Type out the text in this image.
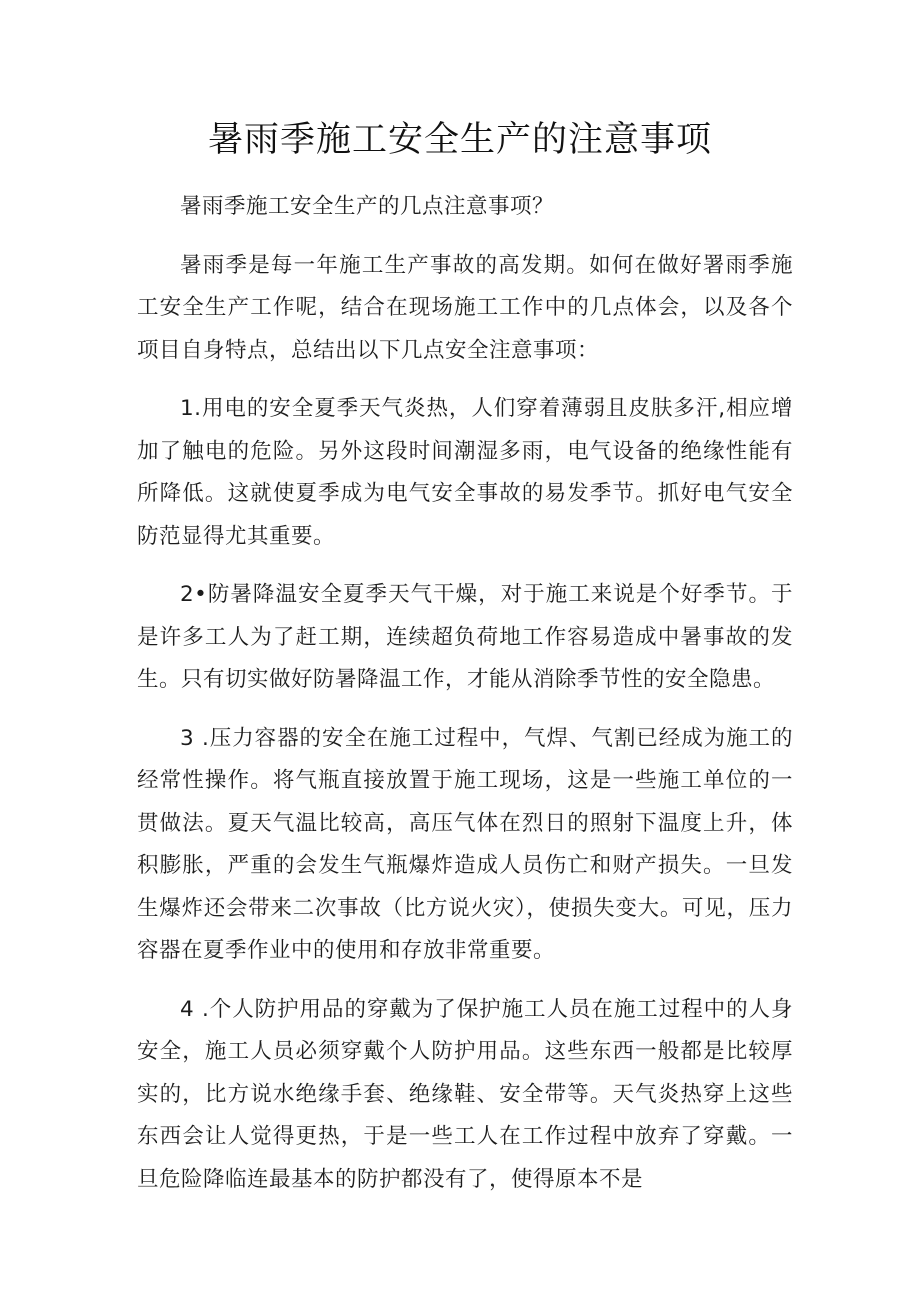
暑雨季施工安全生产的注意事项

暑雨季施工安全生产的几点注意事项？

暑雨季是每一年施工生产事故的高发期。如何在做好署雨季施工安全生产工作呢，结合在现场施工工作中的几点体会，以及各个项目自身特点，总结出以下几点安全注意事项：

1.用电的安全夏季天气炎热，人们穿着薄弱且皮肤多汗,相应增加了触电的危险。另外这段时间潮湿多雨，电气设备的绝缘性能有所降低。这就使夏季成为电气安全事故的易发季节。抓好电气安全防范显得尤其重要。

2•防暑降温安全夏季天气干燥，对于施工来说是个好季节。于是许多工人为了赶工期，连续超负荷地工作容易造成中暑事故的发生。只有切实做好防暑降温工作，才能从消除季节性的安全隐患。

3 .压力容器的安全在施工过程中，气焊、气割已经成为施工的经常性操作。将气瓶直接放置于施工现场，这是一些施工单位的一贯做法。夏天气温比较高，高压气体在烈日的照射下温度上升，体积膨胀，严重的会发生气瓶爆炸造成人员伤亡和财产损失。一旦发生爆炸还会带来二次事故（比方说火灾），使损失变大。可见，压力容器在夏季作业中的使用和存放非常重要。

4 .个人防护用品的穿戴为了保护施工人员在施工过程中的人身安全，施工人员必须穿戴个人防护用品。这些东西一般都是比较厚实的，比方说水绝缘手套、绝缘鞋、安全带等。天气炎热穿上这些东西会让人觉得更热，于是一些工人在工作过程中放弃了穿戴。一旦危险降临连最基本的防护都没有了，使得原本不是
